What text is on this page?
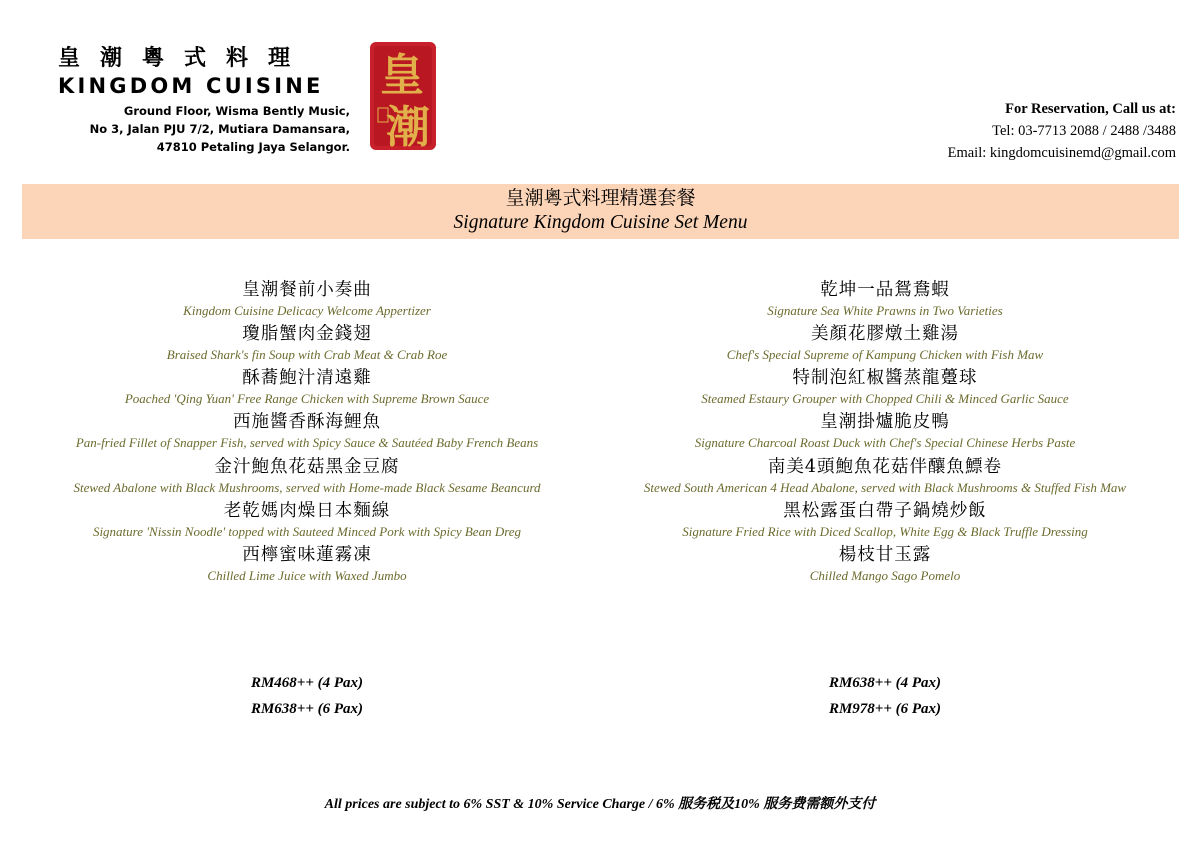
皇潮粵式料理
KINGDOM CUISINE
Ground Floor, Wisma Bently Music,
No 3, Jalan PJU 7/2, Mutiara Damansara,
47810 Petaling Jaya Selangor.
皇
潮	For Reservation, Call us at:
Tel: 03-7713 2088 / 2488 /3488
Email: kingdomcuisinemd@gmail.com
皇潮粵式料理精選套餐
Signature Kingdom Cuisine Set Menu
皇潮餐前小奏曲
Kingdom Cuisine Delicacy Welcome Appertizer
瓊脂蟹肉金錢翅
Braised Shark's fin Soup with Crab Meat & Crab Roe
酥蕎鮑汁清遠雞
Poached 'Qing Yuan' Free Range Chicken with Supreme Brown Sauce
西施醬香酥海鯉魚
Pan-fried Fillet of Snapper Fish, served with Spicy Sauce & Sautéed Baby French Beans
金汁鮑魚花菇黑金豆腐
Stewed Abalone with Black Mushrooms, served with Home-made Black Sesame Beancurd
老乾媽肉燥日本麵線
Signature 'Nissin Noodle' topped with Sauteed Minced Pork with Spicy Bean Dreg
西檸蜜味蓮霧凍
Chilled Lime Juice with Waxed Jumbo
乾坤一品鴛鴦蝦
Signature Sea White Prawns in Two Varieties
美顏花膠燉土雞湯
Chef's Special Supreme of Kampung Chicken with Fish Maw
特制泡紅椒醬蒸龍躉球
Steamed Estaury Grouper with Chopped Chili & Minced Garlic Sauce
皇潮掛爐脆皮鴨
Signature Charcoal Roast Duck with Chef's Special Chinese Herbs Paste
南美4頭鮑魚花菇伴釀魚鰾卷
Stewed South American 4 Head Abalone, served with Black Mushrooms & Stuffed Fish Maw
黑松露蛋白帶子鍋燒炒飯
Signature Fried Rice with Diced Scallop, White Egg & Black Truffle Dressing
楊枝甘玉露
Chilled Mango Sago Pomelo
RM468++ (4 Pax)
RM638++ (6 Pax)
RM638++ (4 Pax)
RM978++ (6 Pax)
All prices are subject to 6% SST & 10% Service Charge / 6% 服务税及10% 服务费需额外支付
